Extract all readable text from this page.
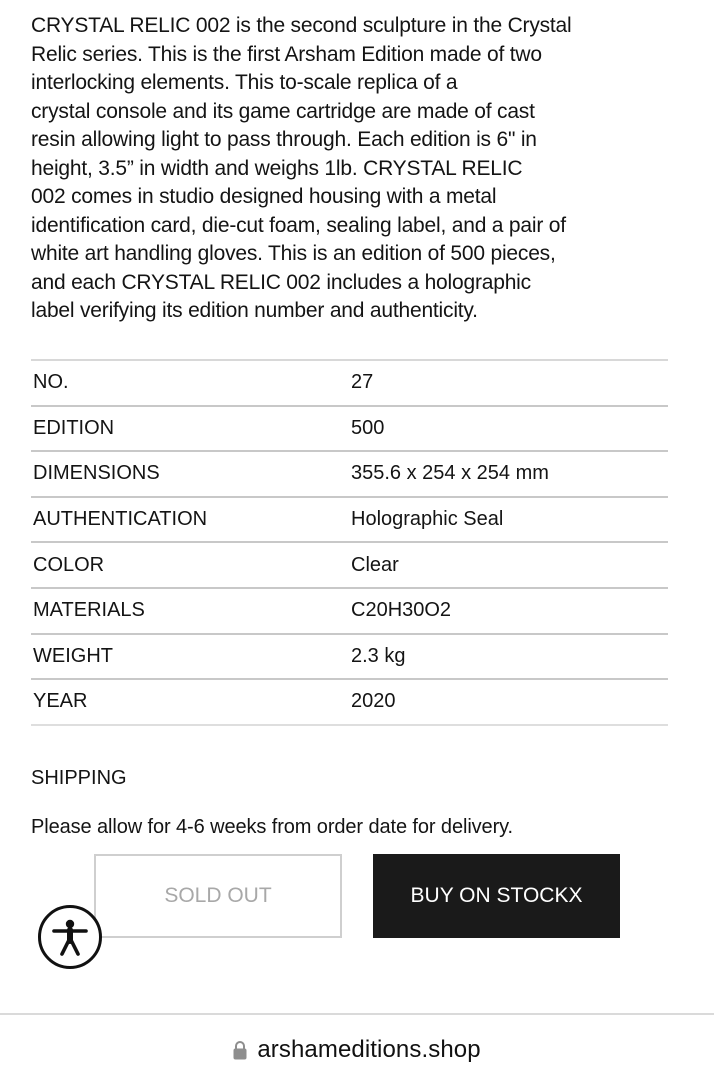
CRYSTAL RELIC 002 is the second sculpture in the Crystal
Relic series. This is the first Arsham Edition made of two
interlocking elements. This to-scale replica of a
crystal console and its game cartridge are made of cast
resin allowing light to pass through. Each edition is 6" in
height, 3.5” in width and weighs 1lb. CRYSTAL RELIC
002 comes in studio designed housing with a metal
identification card, die-cut foam, sealing label, and a pair of
white art handling gloves. This is an edition of 500 pieces,
and each CRYSTAL RELIC 002 includes a holographic
label verifying its edition number and authenticity.
NO.	27
EDITION	500
DIMENSIONS	355.6 x 254 x 254 mm
AUTHENTICATION	Holographic Seal
COLOR	Clear
MATERIALS	C20H30O2
WEIGHT	2.3 kg
YEAR	2020
SHIPPING
Please allow for 4-6 weeks from order date for delivery.
SOLD OUT	BUY ON STOCKX
arshameditions.shop
